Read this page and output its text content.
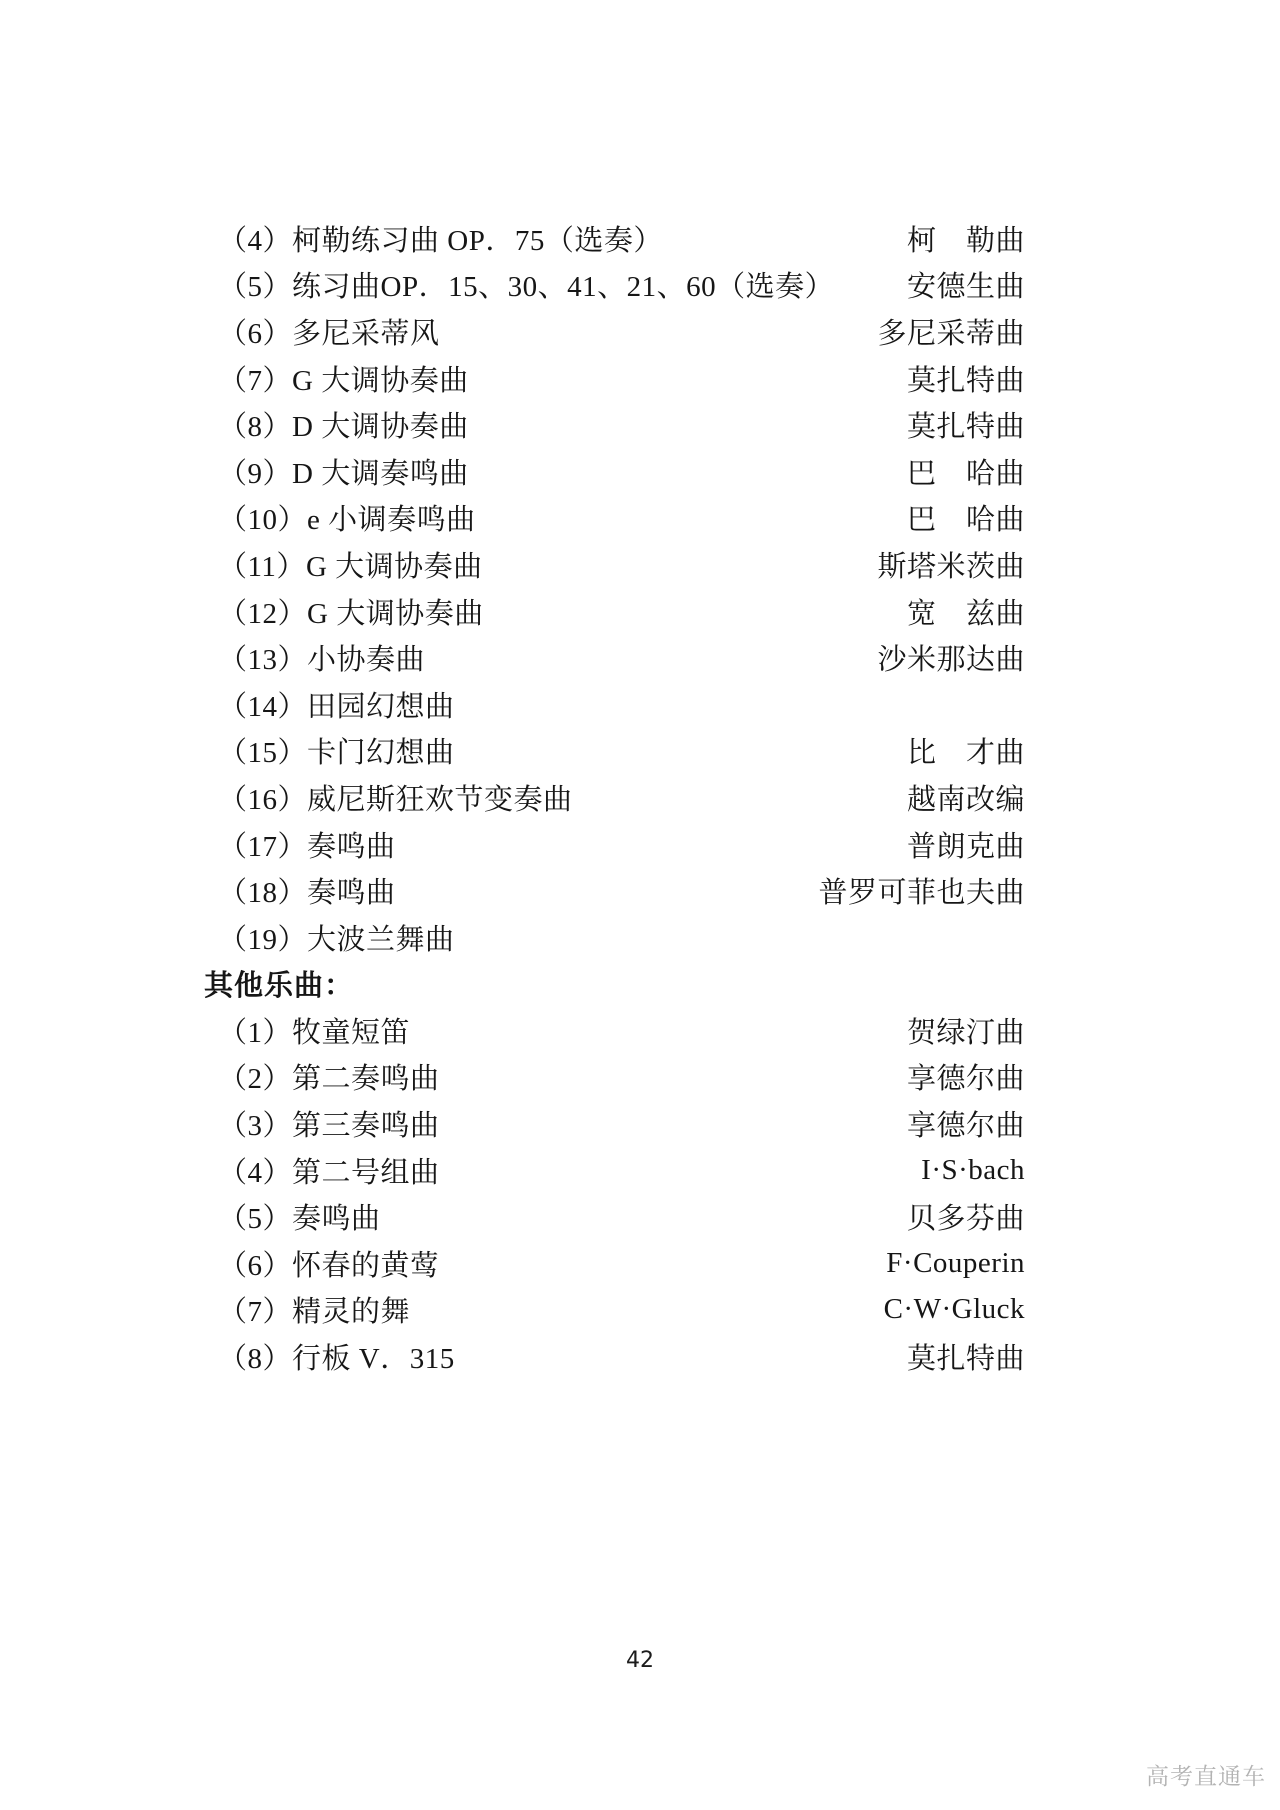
（4）柯勒练习曲 OP．75（选奏）	柯　勒曲
（5）练习曲OP．15、30、41、21、60（选奏）	安德生曲
（6）多尼采蒂风	多尼采蒂曲
（7）G 大调协奏曲	莫扎特曲
（8）D 大调协奏曲	莫扎特曲
（9）D 大调奏鸣曲	巴　哈曲
（10）e 小调奏鸣曲	巴　哈曲
（11）G 大调协奏曲	斯塔米茨曲
（12）G 大调协奏曲	宽　兹曲
（13）小协奏曲	沙米那达曲
（14）田园幻想曲
（15）卡门幻想曲	比　才曲
（16）威尼斯狂欢节变奏曲	越南改编
（17）奏鸣曲	普朗克曲
（18）奏鸣曲	普罗可菲也夫曲
（19）大波兰舞曲
其他乐曲：
（1）牧童短笛	贺绿汀曲
（2）第二奏鸣曲	享德尔曲
（3）第三奏鸣曲	享德尔曲
（4）第二号组曲	I·S·bach
（5）奏鸣曲	贝多芬曲
（6）怀春的黄莺	F·Couperin
（7）精灵的舞	C·W·Gluck
（8）行板 V．315	莫扎特曲
42
高考直通车
